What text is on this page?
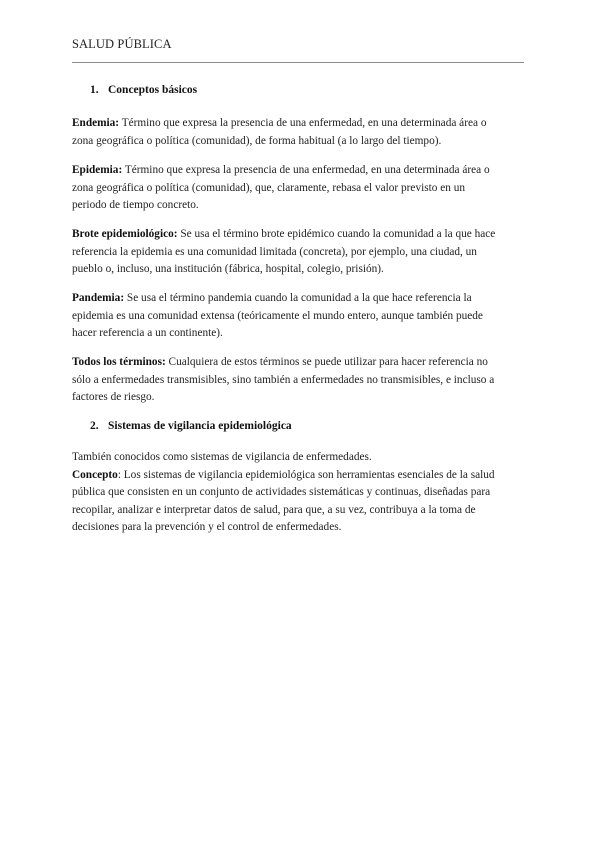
SALUD PÚBLICA
1. Conceptos básicos
Endemia: Término que expresa la presencia de una enfermedad, en una determinada área o
zona geográfica o política (comunidad), de forma habitual (a lo largo del tiempo).
Epidemia: Término que expresa la presencia de una enfermedad, en una determinada área o
zona geográfica o política (comunidad), que, claramente, rebasa el valor previsto en un
periodo de tiempo concreto.
Brote epidemiológico: Se usa el término brote epidémico cuando la comunidad a la que hace
referencia la epidemia es una comunidad limitada (concreta), por ejemplo, una ciudad, un
pueblo o, incluso, una institución (fábrica, hospital, colegio, prisión).
Pandemia: Se usa el término pandemia cuando la comunidad a la que hace referencia la
epidemia es una comunidad extensa (teóricamente el mundo entero, aunque también puede
hacer referencia a un continente).
Todos los términos: Cualquiera de estos términos se puede utilizar para hacer referencia no
sólo a enfermedades transmisibles, sino también a enfermedades no transmisibles, e incluso a
factores de riesgo.
2. Sistemas de vigilancia epidemiológica
También conocidos como sistemas de vigilancia de enfermedades.
Concepto: Los sistemas de vigilancia epidemiológica son herramientas esenciales de la salud
pública que consisten en un conjunto de actividades sistemáticas y continuas, diseñadas para
recopilar, analizar e interpretar datos de salud, para que, a su vez, contribuya a la toma de
decisiones para la prevención y el control de enfermedades.
